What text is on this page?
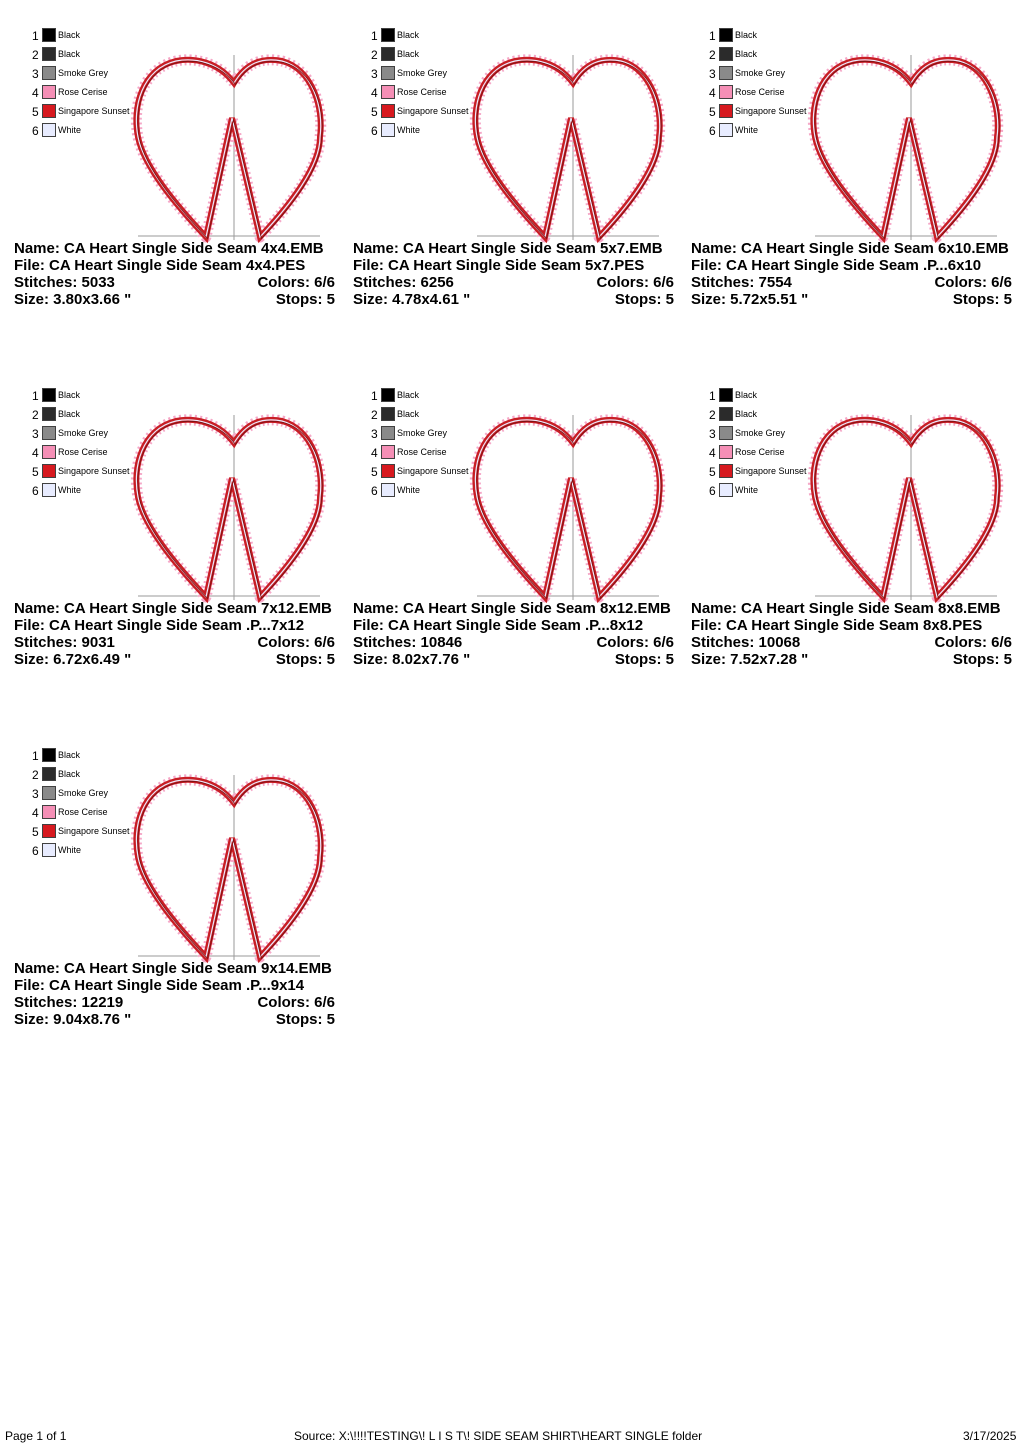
1	Black
2	Black
3	Smoke Grey
4	Rose Cerise
5	Singapore Sunset
6	White
Name: CA Heart Single Side Seam 4x4.EMB
File: CA Heart Single Side Seam 4x4.PES
Stitches: 5033	Colors: 6/6
Size: 3.80x3.66 "	Stops: 5
1	Black
2	Black
3	Smoke Grey
4	Rose Cerise
5	Singapore Sunset
6	White
Name: CA Heart Single Side Seam 5x7.EMB
File: CA Heart Single Side Seam 5x7.PES
Stitches: 6256	Colors: 6/6
Size: 4.78x4.61 "	Stops: 5
1	Black
2	Black
3	Smoke Grey
4	Rose Cerise
5	Singapore Sunset
6	White
Name: CA Heart Single Side Seam 6x10.EMB
File: CA Heart Single Side Seam .P...6x10
Stitches: 7554	Colors: 6/6
Size: 5.72x5.51 "	Stops: 5
1	Black
2	Black
3	Smoke Grey
4	Rose Cerise
5	Singapore Sunset
6	White
Name: CA Heart Single Side Seam 7x12.EMB
File: CA Heart Single Side Seam .P...7x12
Stitches: 9031	Colors: 6/6
Size: 6.72x6.49 "	Stops: 5
1	Black
2	Black
3	Smoke Grey
4	Rose Cerise
5	Singapore Sunset
6	White
Name: CA Heart Single Side Seam 8x12.EMB
File: CA Heart Single Side Seam .P...8x12
Stitches: 10846	Colors: 6/6
Size: 8.02x7.76 "	Stops: 5
1	Black
2	Black
3	Smoke Grey
4	Rose Cerise
5	Singapore Sunset
6	White
Name: CA Heart Single Side Seam 8x8.EMB
File: CA Heart Single Side Seam 8x8.PES
Stitches: 10068	Colors: 6/6
Size: 7.52x7.28 "	Stops: 5
1	Black
2	Black
3	Smoke Grey
4	Rose Cerise
5	Singapore Sunset
6	White
Name: CA Heart Single Side Seam 9x14.EMB
File: CA Heart Single Side Seam .P...9x14
Stitches: 12219	Colors: 6/6
Size: 9.04x8.76 "	Stops: 5
Page 1 of 1	Source: X:\!!!!TESTING\! L I S T\! SIDE SEAM SHIRT\HEART SINGLE folder	3/17/2025
